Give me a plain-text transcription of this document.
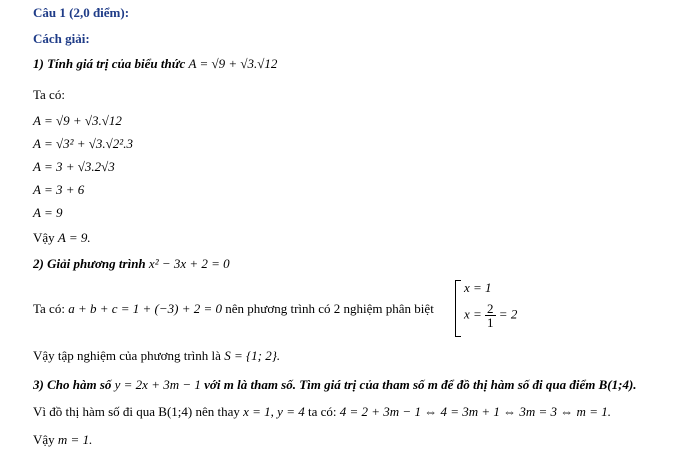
Câu 1 (2,0 điểm):
Cách giải:
1) Tính giá trị của biểu thức A = √9 + √3.√12
Ta có:
A = √9 + √3.√12
A = √3² + √3.√2².3
A = 3 + √3.2√3
A = 3 + 6
A = 9
Vậy A = 9.
2) Giải phương trình x² − 3x + 2 = 0
Ta có: a + b + c = 1 + (−3) + 2 = 0 nên phương trình có 2 nghiệm phân biệt
x = 1
$x = \frac{2}{1} = 2$
Vậy tập nghiệm của phương trình là S = {1; 2}.
3) Cho hàm số y = 2x + 3m − 1 với m là tham số. Tìm giá trị của tham số m để đồ thị hàm số đi qua điểm B(1;4).
Vì đồ thị hàm số đi qua B(1;4) nên thay x = 1, y = 4 ta có: 4 = 2 + 3m − 1 ⇔ 4 = 3m + 1 ⇔ 3m = 3 ⇔ m = 1.
Vậy m = 1.
